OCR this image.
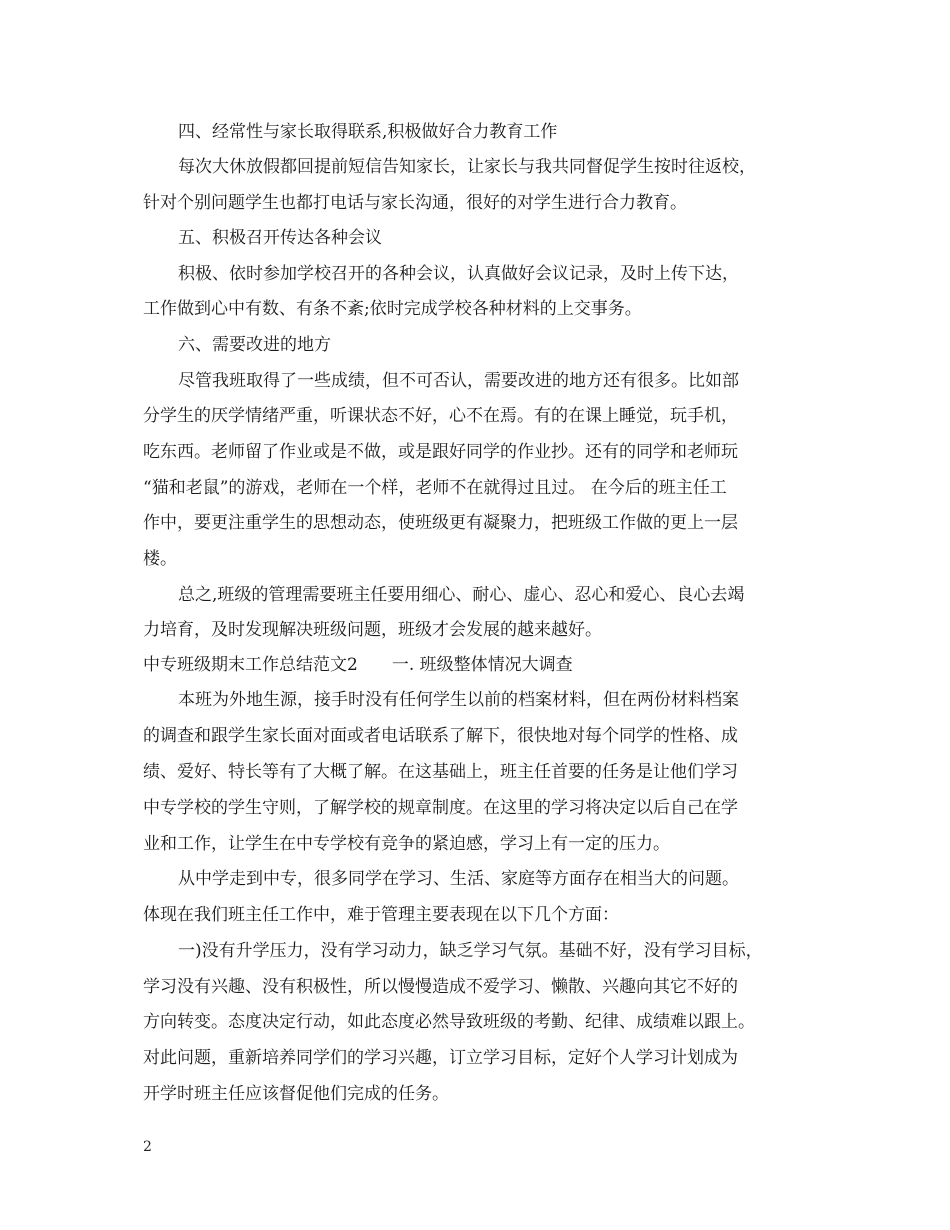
四、经常性与家长取得联系,积极做好合力教育工作
每次大休放假都回提前短信告知家长，让家长与我共同督促学生按时往返校，
针对个别问题学生也都打电话与家长沟通，很好的对学生进行合力教育。
五、积极召开传达各种会议
积极、依时参加学校召开的各种会议，认真做好会议记录，及时上传下达，
工作做到心中有数、有条不紊;依时完成学校各种材料的上交事务。
六、需要改进的地方
尽管我班取得了一些成绩，但不可否认，需要改进的地方还有很多。比如部
分学生的厌学情绪严重，听课状态不好，心不在焉。有的在课上睡觉，玩手机，
吃东西。老师留了作业或是不做，或是跟好同学的作业抄。还有的同学和老师玩
“猫和老鼠”的游戏，老师在一个样，老师不在就得过且过。 在今后的班主任工
作中，要更注重学生的思想动态，使班级更有凝聚力，把班级工作做的更上一层
楼。
总之,班级的管理需要班主任要用细心、耐心、虚心、忍心和爱心、良心去竭
力培育，及时发现解决班级问题，班级才会发展的越来越好。
中专班级期末工作总结范文2　　一. 班级整体情况大调查
本班为外地生源，接手时没有任何学生以前的档案材料，但在两份材料档案
的调查和跟学生家长面对面或者电话联系了解下，很快地对每个同学的性格、成
绩、爱好、特长等有了大概了解。在这基础上，班主任首要的任务是让他们学习
中专学校的学生守则，了解学校的规章制度。在这里的学习将决定以后自己在学
业和工作，让学生在中专学校有竞争的紧迫感，学习上有一定的压力。
从中学走到中专，很多同学在学习、生活、家庭等方面存在相当大的问题。
体现在我们班主任工作中，难于管理主要表现在以下几个方面：
一)没有升学压力，没有学习动力，缺乏学习气氛。基础不好，没有学习目标，
学习没有兴趣、没有积极性，所以慢慢造成不爱学习、懒散、兴趣向其它不好的
方向转变。态度决定行动，如此态度必然导致班级的考勤、纪律、成绩难以跟上。
对此问题，重新培养同学们的学习兴趣，订立学习目标，定好个人学习计划成为
开学时班主任应该督促他们完成的任务。
2
